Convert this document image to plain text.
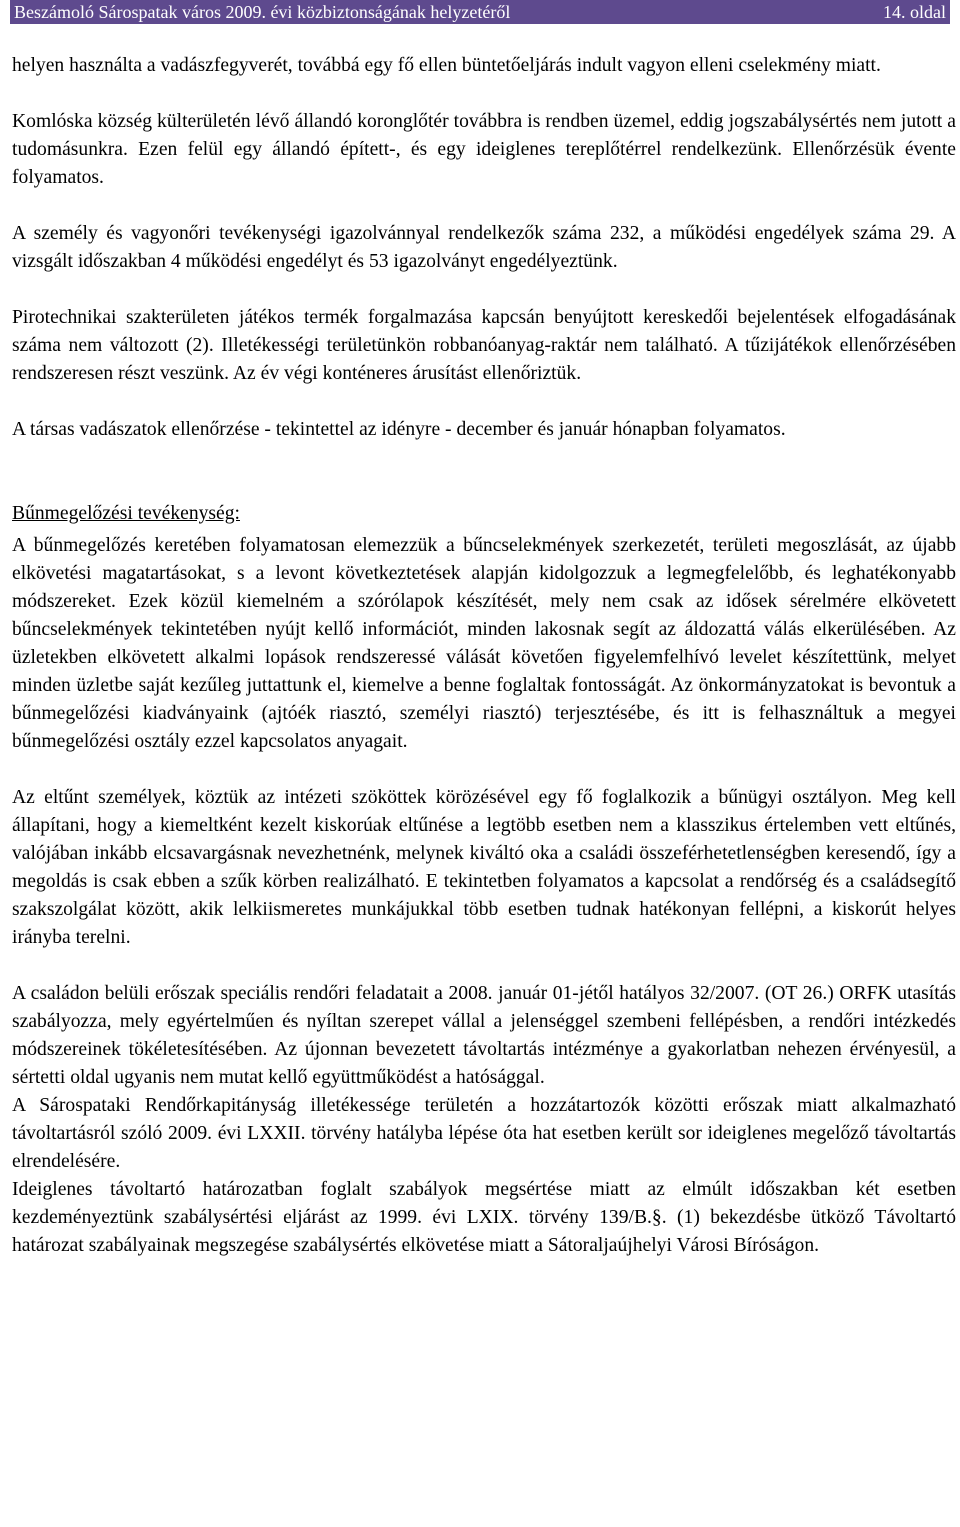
Beszámoló Sárospatak város 2009. évi közbiztonságának helyzetéről	14. oldal

helyen használta a vadászfegyverét, továbbá egy fő ellen büntetőeljárás indult vagyon elleni cselekmény miatt.

Komlóska község külterületén lévő állandó koronglőtér továbbra is rendben üzemel, eddig jogszabálysértés nem jutott a tudomásunkra. Ezen felül egy állandó épített-, és egy ideiglenes tereplőtérrel rendelkezünk. Ellenőrzésük évente folyamatos.

A személy és vagyonőri tevékenységi igazolvánnyal rendelkezők száma 232, a működési engedélyek száma 29. A vizsgált időszakban 4 működési engedélyt és 53 igazolványt engedélyeztünk.

Pirotechnikai szakterületen játékos termék forgalmazása kapcsán benyújtott kereskedői bejelentések elfogadásának száma nem változott (2). Illetékességi területünkön robbanóanyag-raktár nem található. A tűzijátékok ellenőrzésében rendszeresen részt veszünk. Az év végi konténeres árusítást ellenőriztük.

A társas vadászatok ellenőrzése - tekintettel az idényre - december és január hónapban folyamatos.

Bűnmegelőzési tevékenység:

A bűnmegelőzés keretében folyamatosan elemezzük a bűncselekmények szerkezetét, területi megoszlását, az újabb elkövetési magatartásokat, s a levont következtetések alapján kidolgozzuk a legmegfelelőbb, és leghatékonyabb módszereket. Ezek közül kiemelném a szórólapok készítését, mely nem csak az idősek sérelmére elkövetett bűncselekmények tekintetében nyújt kellő információt, minden lakosnak segít az áldozattá válás elkerülésében. Az üzletekben elkövetett alkalmi lopások rendszeressé válását követően figyelemfelhívó levelet készítettünk, melyet minden üzletbe saját kezűleg juttattunk el, kiemelve a benne foglaltak fontosságát. Az önkormányzatokat is bevontuk a bűnmegelőzési kiadványaink (ajtóék riasztó, személyi riasztó) terjesztésébe, és itt is felhasználtuk a megyei bűnmegelőzési osztály ezzel kapcsolatos anyagait.

Az eltűnt személyek, köztük az intézeti szököttek körözésével egy fő foglalkozik a bűnügyi osztályon. Meg kell állapítani, hogy a kiemeltként kezelt kiskorúak eltűnése a legtöbb esetben nem a klasszikus értelemben vett eltűnés, valójában inkább elcsavargásnak nevezhetnénk, melynek kiváltó oka a családi összeférhetetlenségben keresendő, így a megoldás is csak ebben a szűk körben realizálható. E tekintetben folyamatos a kapcsolat a rendőrség és a családsegítő szakszolgálat között, akik lelkiismeretes munkájukkal több esetben tudnak hatékonyan fellépni, a kiskorút helyes irányba terelni.

A családon belüli erőszak speciális rendőri feladatait a 2008. január 01-jétől hatályos 32/2007. (OT 26.) ORFK utasítás szabályozza, mely egyértelműen és nyíltan szerepet vállal a jelenséggel szembeni fellépésben, a rendőri intézkedés módszereinek tökéletesítésében. Az újonnan bevezetett távoltartás intézménye a gyakorlatban nehezen érvényesül, a sértetti oldal ugyanis nem mutat kellő együttműködést a hatósággal.

A Sárospataki Rendőrkapitányság illetékessége területén a hozzátartozók közötti erőszak miatt alkalmazható távoltartásról szóló 2009. évi LXXII. törvény hatályba lépése óta hat esetben került sor ideiglenes megelőző távoltartás elrendelésére.

Ideiglenes távoltartó határozatban foglalt szabályok megsértése miatt az elmúlt időszakban két esetben kezdeményeztünk szabálysértési eljárást az 1999. évi LXIX. törvény 139/B.§. (1) bekezdésbe ütköző Távoltartó határozat szabályainak megszegése szabálysértés elkövetése miatt a Sátoraljaújhelyi Városi Bíróságon.
